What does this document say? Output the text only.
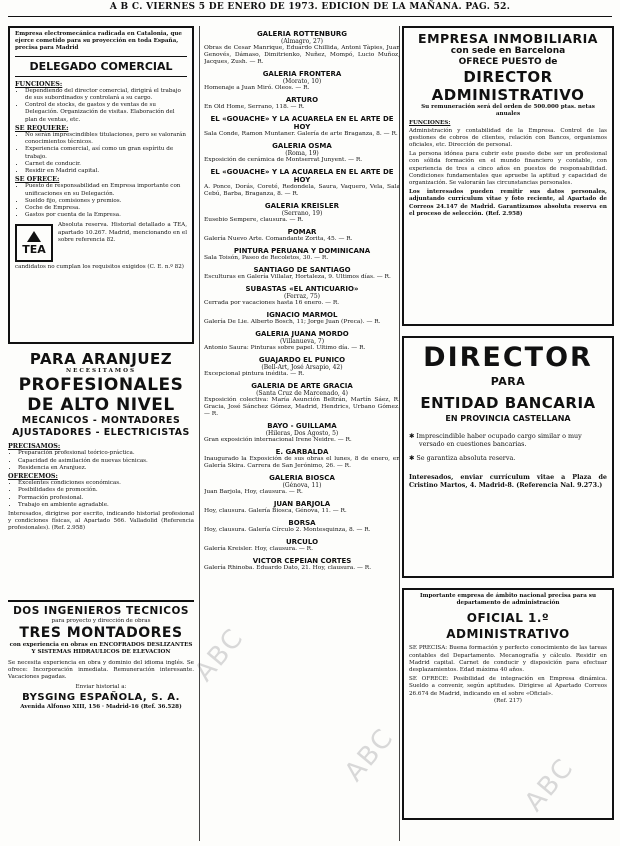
ABC
ABC	ABC
A B C. VIERNES 5 DE ENERO DE 1973. EDICION DE LA MAÑANA. PAG. 52.

Empresa electromecánica radicada en Catalonia, que ejerce cometido para su proyección en toda España, precisa para Madrid

DELEGADO COMERCIAL

FUNCIONES:

• Dependiendo del director comercial, dirigirá el trabajo de sus subordinados y controlará a su cargo.
• Control de stocks, de gastos y de ventas de su Delegación. Organización de visitas. Elaboración del plan de ventas, etc.

SE REQUIERE:

• No serán imprescindibles titulaciones, pero se valorarán conocimientos técnicos.
• Experiencia comercial, así como un gran espíritu de trabajo.
• Carnet de conducir.
• Residir en Madrid capital.

SE OFRECE:

• Puesto de responsabilidad en Empresa importante con unificaciones en su Delegación.
• Sueldo fijo, comisiones y premios.
• Coche de Empresa.
• Gastos por cuenta de la Empresa.
TEA

Absoluta reserva. Historial detallado a TEA, apartado 10.267. Madrid, mencionando en el sobre referencia 82.

candidatos no cumplan los requisitos exigidos (C. E. n.º 82)

PARA ARANJUEZ
NECESITAMOS
PROFESIONALES
DE ALTO NIVEL
MECANICOS - MONTADORES
AJUSTADORES - ELECTRICISTAS

PRECISAMOS:

• Preparación profesional teórico-práctica.
• Capacidad de asimilación de nuevas técnicas.
• Residencia en Aranjuez.

OFRECEMOS:

• Excelentes condiciones económicas.
• Posibilidades de promoción.
• Formación profesional.
• Trabajo en ambiente agradable.

Interesados, dirigirse por escrito, indicando historial profesional y condiciones físicas, al Apartado 566. Valladolid (Referencia profesionales). (Ref. 2.958)

DOS INGENIEROS TECNICOS
para proyecto y dirección de obras
TRES MONTADORES
con experiencia en obras en ENCOFRADOS DESLIZANTES Y SISTEMAS HIDRAULICOS DE ELEVACION

Se necesita experiencia en obra y dominio del idioma inglés. Se ofrece: Incorporación inmediata. Remuneración interesante. Vacaciones pagadas.

Enviar historial a:

BYSGING ESPAÑOLA, S. A.

Avenida Alfonso XIII, 156 · Madrid-16 (Ref. 36.528)

GALERIA ROTTENBURG
(Almagro, 27)
Obras de Cesar Manrique, Eduardo Chillida, Antoni Tàpies, Juan Genovés, Dámaso, Dimitrienko, Nuñez, Mompó, Lucio Muñoz, Jacques, Zush. — R.
GALERIA FRONTERA
(Morato, 10)
Homenaje a Juan Miró. Oleos. — R.
ARTURO
En Old Home, Serrano, 118. — R.
EL «GOUACHE» Y LA ACUARELA EN EL ARTE DE HOY
Sala Conde, Ramon Muntaner. Galería de arte Braganza, 8. — R.
GALERIA OSMA
(Roma, 19)
Exposición de cerámica de Montserrat Junyent. — R.
EL «GOUACHE» Y LA ACUARELA EN EL ARTE DE HOY
A. Ponce, Dorás, Coreté, Redondela, Saura, Vaquero, Vela, Sala Cebú, Barba, Braganza, 8. — R.
GALERIA KREISLER
(Serrano, 19)
Eusebio Sempere, clausura. — R.
POMAR
Galería Nuevo Arte. Comandante Zorita, 45. — R.
PINTURA PERUANA Y DOMINICANA
Sala Toisón, Paseo de Recoletos, 30. — R.
SANTIAGO DE SANTIAGO
Esculturas en Galería Villalar, Hortaleza, 9. Ultimos días. — R.
SUBASTAS «EL ANTICUARIO»
(Ferraz, 75)
Cerrada por vacaciones hasta 16 enero. — R.
IGNACIO MARMOL
Galería De Lie. Alberto Bosch, 11; Jorge Juan (Preca). — R.
GALERIA JUANA MORDO
(Villanueva, 7)
Antonio Saura: Pinturas sobre papel. Ultimo día. — R.
GUAJARDO EL PUNICO
(Bell-Art, José Arsapio, 42)
Excepcional pintura inédita. — R.
GALERIA DE ARTE GRACIA
(Santa Cruz de Marcenado, 4)
Exposición colectiva: María Asunción Beltrán, Martín Sáez, R. Gracia, José Sánchez Gómez, Madrid, Hendrics, Urbano Gómez. — R.
BAYO - GUILLAMA
(Hileras, Dos Agosto, 5)
Gran exposición internacional Irene Neidre. — R.
E. GARBALDA
Inaugurado la Exposición de sus obras el lunes, 8 de enero, en Galería Skira. Carrera de San Jerónimo, 26. — R.
GALERIA BIOSCA
(Génova, 11)
Juan Barjola, Hoy, clausura. — R.
JUAN BARJOLA
Hoy, clausura. Galería Biosca, Génova, 11. — R.
BORSA
Hoy, clausura. Galería Círculo 2. Montesquinza, 8. — R.
URCULO
Galería Kreisler. Hoy, clausura. — R.
VICTOR CEPEIAN CORTES
Galería Rhinoba. Eduardo Dato, 21. Hoy, clausura. — R.
EMPRESA INMOBILIARIA
con sede en Barcelona
OFRECE PUESTO de
DIRECTOR
ADMINISTRATIVO

Su remuneración será del orden de 500.000 ptas. netas anuales

FUNCIONES:

Administración y contabilidad de la Empresa. Control de las gestiones de cobros de clientes, relación con Bancos, organismos oficiales, etc. Dirección de personal.

La persona idónea para cubrir este puesto debe ser un profesional con sólida formación en el mundo financiero y contable, con experiencia de tres a cinco años en puestos de responsabilidad. Condiciones fundamentales que apruebe la aptitud y capacidad de organización. Se valorarán las circunstancias personales.

Los interesados pueden remitir sus datos personales, adjuntando currículum vitae y foto reciente, al Apartado de Correos 24.147 de Madrid. Garantizamos absoluta reserva en el proceso de selección. (Ref. 2.958)

DIRECTOR
PARA
ENTIDAD BANCARIA
EN PROVINCIA CASTELLANA

✱ Imprescindible haber ocupado cargo similar o muy versado en cuestiones bancarias.

✱ Se garantiza absoluta reserva.

Interesados, enviar currículum vitae a Plaza de Cristino Martos, 4. Madrid-8. (Referencia Nal. 9.273.)

Importante empresa de ámbito nacional precisa para su departamento de administración

OFICIAL 1.º ADMINISTRATIVO

SE PRECISA: Buena formación y perfecto conocimiento de las tareas contables del Departamento. Mecanografía y cálculo. Residir en Madrid capital. Carnet de conducir y disposición para efectuar desplazamientos. Edad máxima 40 años.

SE OFRECE: Posibilidad de integración en Empresa dinámica. Sueldo a convenir, según aptitudes. Dirigirse al Apartado Correos 26.674 de Madrid, indicando en el sobre «Oficial».

(Ref. 217)
